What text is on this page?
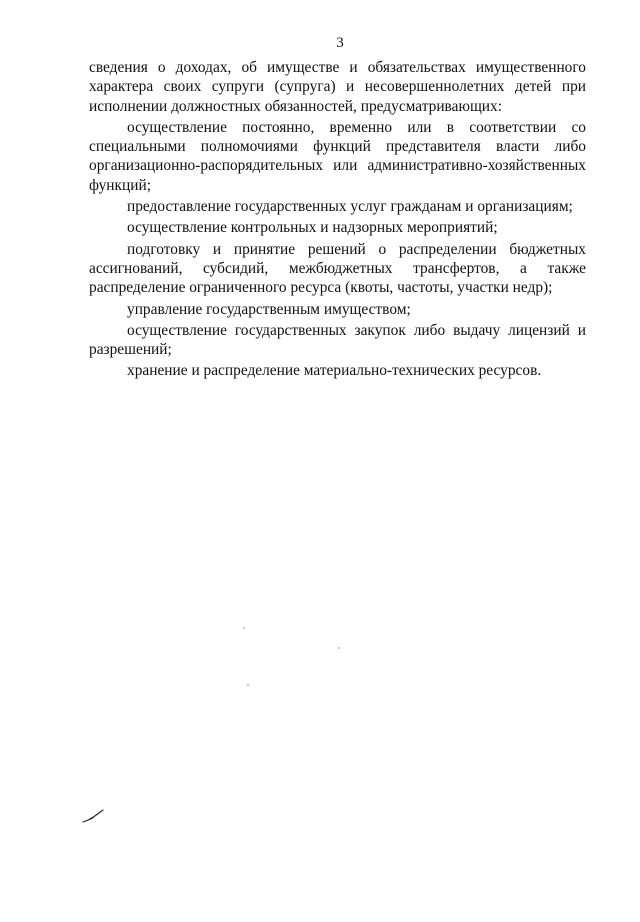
3

сведения о доходах, об имуществе и обязательствах имущественного характера своих супруги (супруга) и несовершеннолетних детей при исполнении должностных обязанностей, предусматривающих:

осуществление постоянно, временно или в соответствии со специальными полномочиями функций представителя власти либо организационно-распорядительных или административно-хозяйственных функций;

предоставление государственных услуг гражданам и организациям;

осуществление контрольных и надзорных мероприятий;

подготовку и принятие решений о распределении бюджетных ассигнований, субсидий, межбюджетных трансфертов, а также распределение ограниченного ресурса (квоты, частоты, участки недр);

управление государственным имуществом;

осуществление государственных закупок либо выдачу лицензий и разрешений;

хранение и распределение материально-технических ресурсов.
